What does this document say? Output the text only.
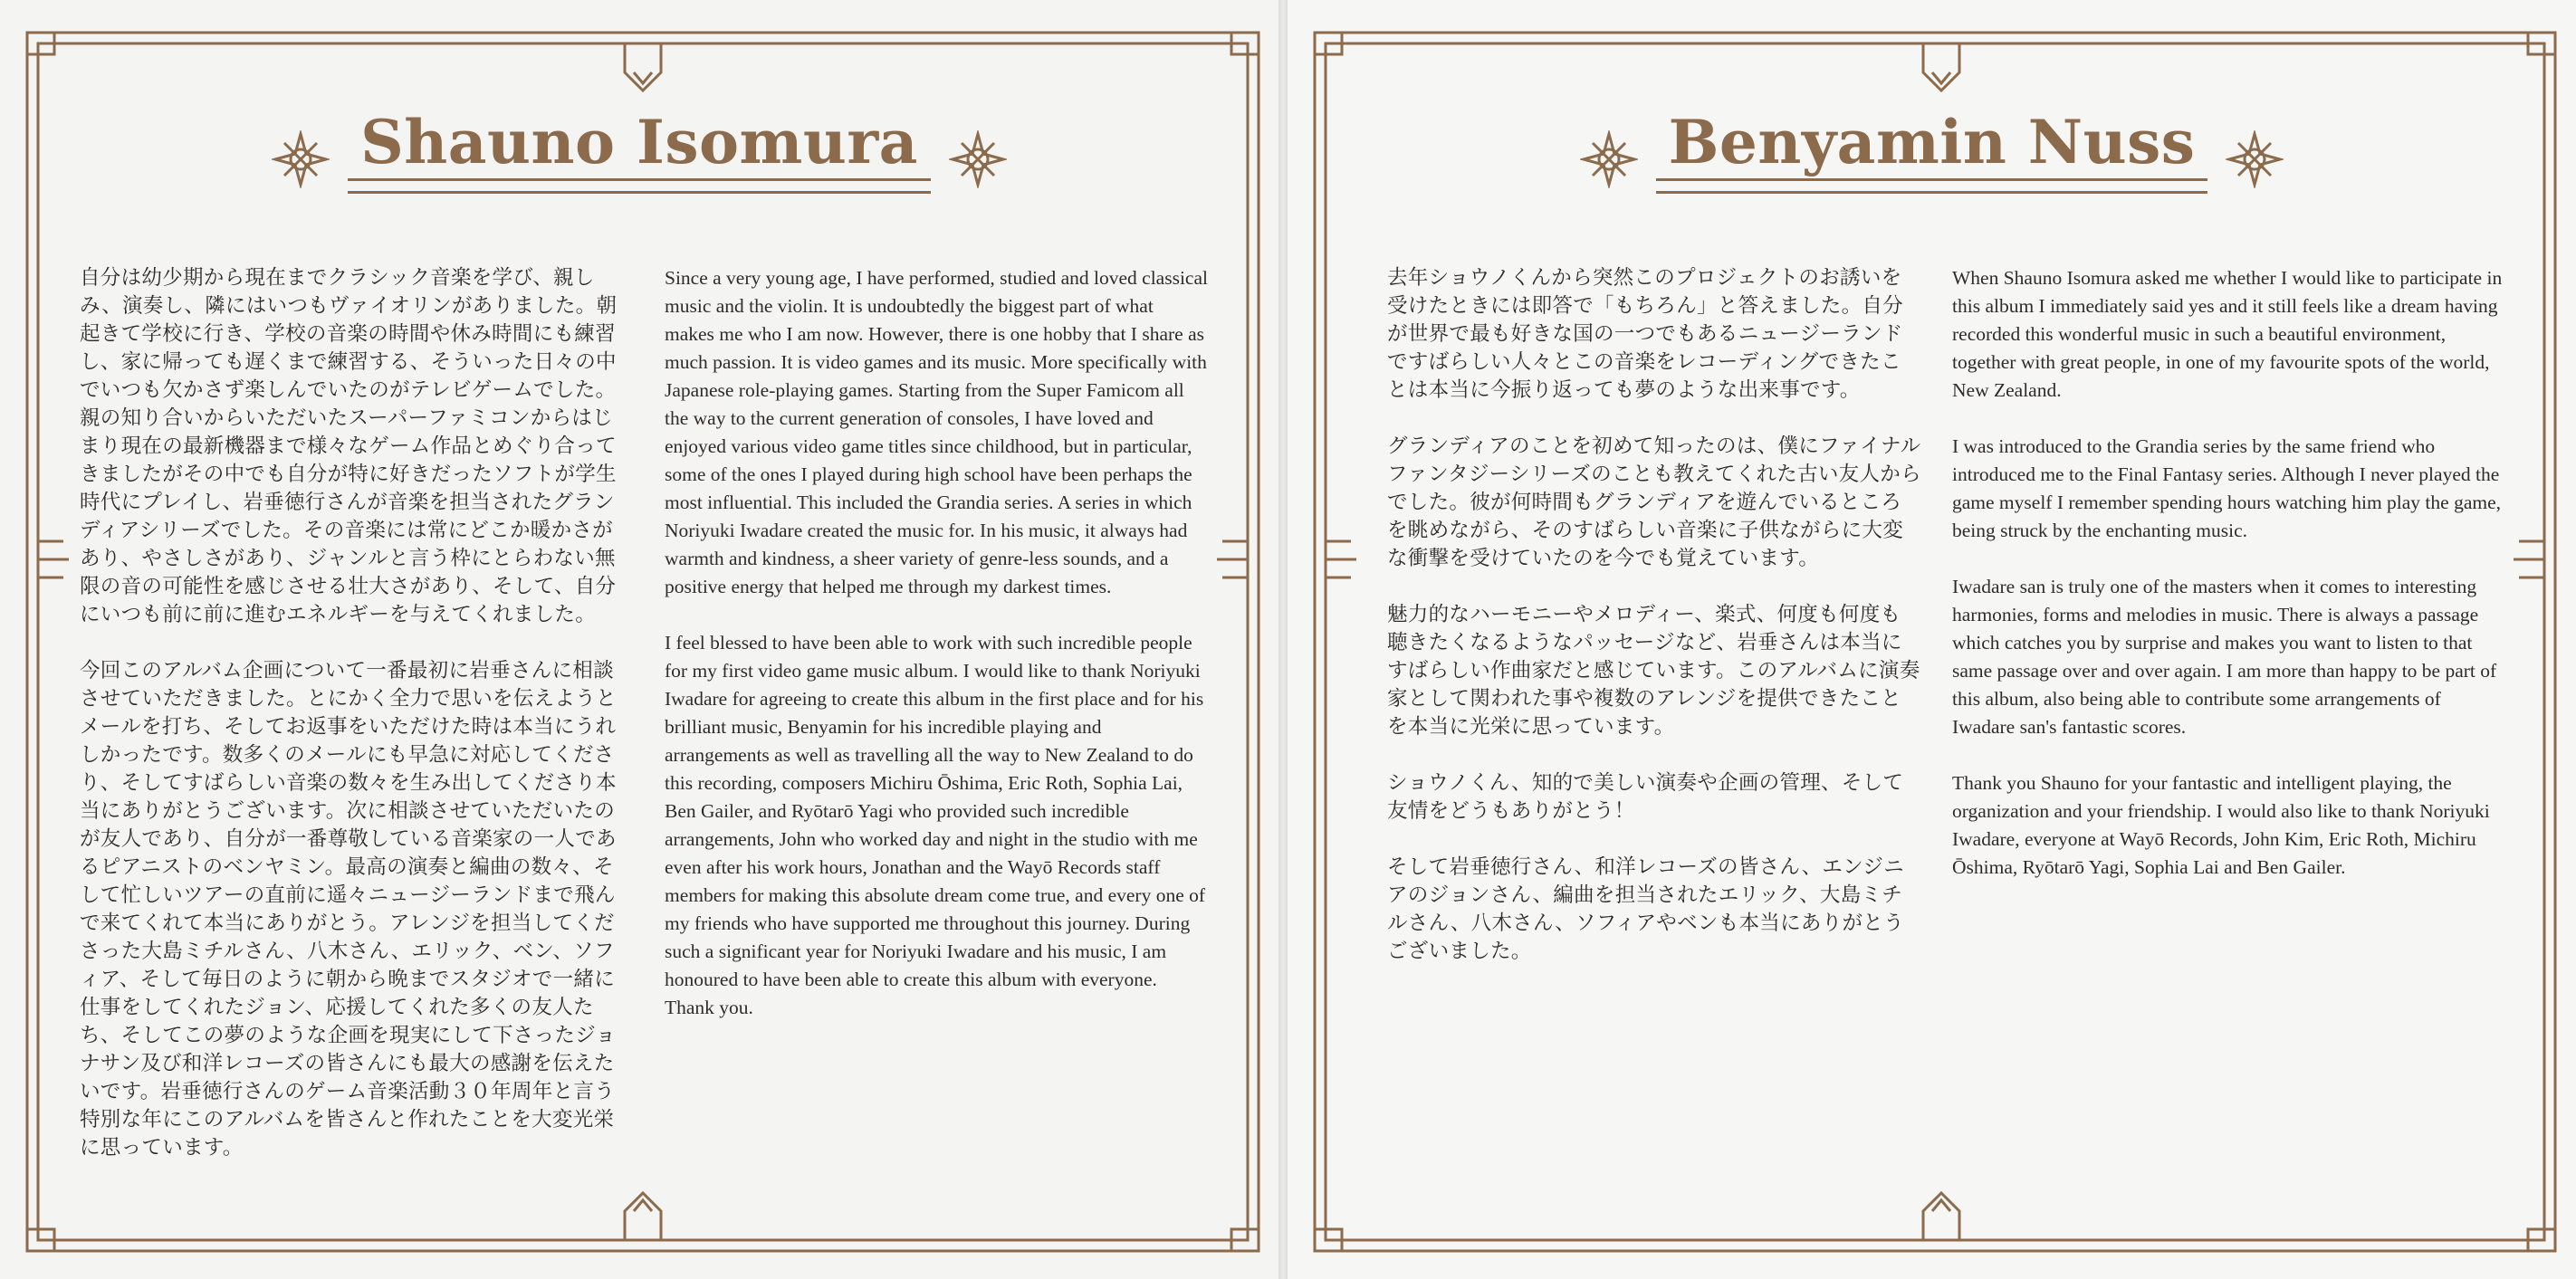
Shauno Isomura

自分は幼少期から現在までクラシック音楽を学び、親しみ、演奏し、隣にはいつもヴァイオリンがありました。朝起きて学校に行き、学校の音楽の時間や休み時間にも練習し、家に帰っても遅くまで練習する、そういった日々の中でいつも欠かさず楽しんでいたのがテレビゲームでした。親の知り合いからいただいたスーパーファミコンからはじまり現在の最新機器まで様々なゲーム作品とめぐり合ってきましたがその中でも自分が特に好きだったソフトが学生時代にプレイし、岩垂徳行さんが音楽を担当されたグランディアシリーズでした。その音楽には常にどこか暖かさがあり、やさしさがあり、ジャンルと言う枠にとらわない無限の音の可能性を感じさせる壮大さがあり、そして、自分にいつも前に前に進むエネルギーを与えてくれました。

今回このアルバム企画について一番最初に岩垂さんに相談させていただきました。とにかく全力で思いを伝えようとメールを打ち、そしてお返事をいただけた時は本当にうれしかったです。数多くのメールにも早急に対応してくださり、そしてすばらしい音楽の数々を生み出してくださり本当にありがとうございます。次に相談させていただいたのが友人であり、自分が一番尊敬している音楽家の一人であるピアニストのベンヤミン。最高の演奏と編曲の数々、そして忙しいツアーの直前に遥々ニュージーランドまで飛んで来てくれて本当にありがとう。アレンジを担当してくださった大島ミチルさん、八木さん、エリック、ベン、ソフィア、そして毎日のように朝から晩までスタジオで一緒に仕事をしてくれたジョン、応援してくれた多くの友人たち、そしてこの夢のような企画を現実にして下さったジョナサン及び和洋レコーズの皆さんにも最大の感謝を伝えたいです。岩垂徳行さんのゲーム音楽活動３０年周年と言う特別な年にこのアルバムを皆さんと作れたことを大変光栄に思っています。

Since a very young age, I have performed, studied and loved classical music and the violin. It is undoubtedly the biggest part of what makes me who I am now. However, there is one hobby that I share as much passion. It is video games and its music. More specifically with Japanese role-playing games. Starting from the Super Famicom all the way to the current generation of consoles, I have loved and enjoyed various video game titles since childhood, but in particular, some of the ones I played during high school have been perhaps the most influential. This included the Grandia series. A series in which Noriyuki Iwadare created the music for. In his music, it always had warmth and kindness, a sheer variety of genre-less sounds, and a positive energy that helped me through my darkest times.

I feel blessed to have been able to work with such incredible people for my first video game music album. I would like to thank Noriyuki Iwadare for agreeing to create this album in the first place and for his brilliant music, Benyamin for his incredible playing and arrangements as well as travelling all the way to New Zealand to do this recording, composers Michiru Ōshima, Eric Roth, Sophia Lai, Ben Gailer, and Ryōtarō Yagi who provided such incredible arrangements, John who worked day and night in the studio with me even after his work hours, Jonathan and the Wayō Records staff members for making this absolute dream come true, and every one of my friends who have supported me throughout this journey. During such a significant year for Noriyuki Iwadare and his music, I am honoured to have been able to create this album with everyone. Thank you.

Benyamin Nuss

去年ショウノくんから突然このプロジェクトのお誘いを受けたときには即答で「もちろん」と答えました。自分が世界で最も好きな国の一つでもあるニュージーランドですばらしい人々とこの音楽をレコーディングできたことは本当に今振り返っても夢のような出来事です。

グランディアのことを初めて知ったのは、僕にファイナルファンタジーシリーズのことも教えてくれた古い友人からでした。彼が何時間もグランディアを遊んでいるところを眺めながら、そのすばらしい音楽に子供ながらに大変な衝撃を受けていたのを今でも覚えています。

魅力的なハーモニーやメロディー、楽式、何度も何度も聴きたくなるようなパッセージなど、岩垂さんは本当にすばらしい作曲家だと感じています。このアルバムに演奏家として関われた事や複数のアレンジを提供できたことを本当に光栄に思っています。

ショウノくん、知的で美しい演奏や企画の管理、そして友情をどうもありがとう！

そして岩垂徳行さん、和洋レコーズの皆さん、エンジニアのジョンさん、編曲を担当されたエリック、大島ミチルさん、八木さん、ソフィアやベンも本当にありがとうございました。

When Shauno Isomura asked me whether I would like to participate in this album I immediately said yes and it still feels like a dream having recorded this wonderful music in such a beautiful environment, together with great people, in one of my favourite spots of the world, New Zealand.

I was introduced to the Grandia series by the same friend who introduced me to the Final Fantasy series. Although I never played the game myself I remember spending hours watching him play the game, being struck by the enchanting music.

Iwadare san is truly one of the masters when it comes to interesting harmonies, forms and melodies in music. There is always a passage which catches you by surprise and makes you want to listen to that same passage over and over again. I am more than happy to be part of this album, also being able to contribute some arrangements of Iwadare san's fantastic scores.

Thank you Shauno for your fantastic and intelligent playing, the organization and your friendship. I would also like to thank Noriyuki Iwadare, everyone at Wayō Records, John Kim, Eric Roth, Michiru Ōshima, Ryōtarō Yagi, Sophia Lai and Ben Gailer.
